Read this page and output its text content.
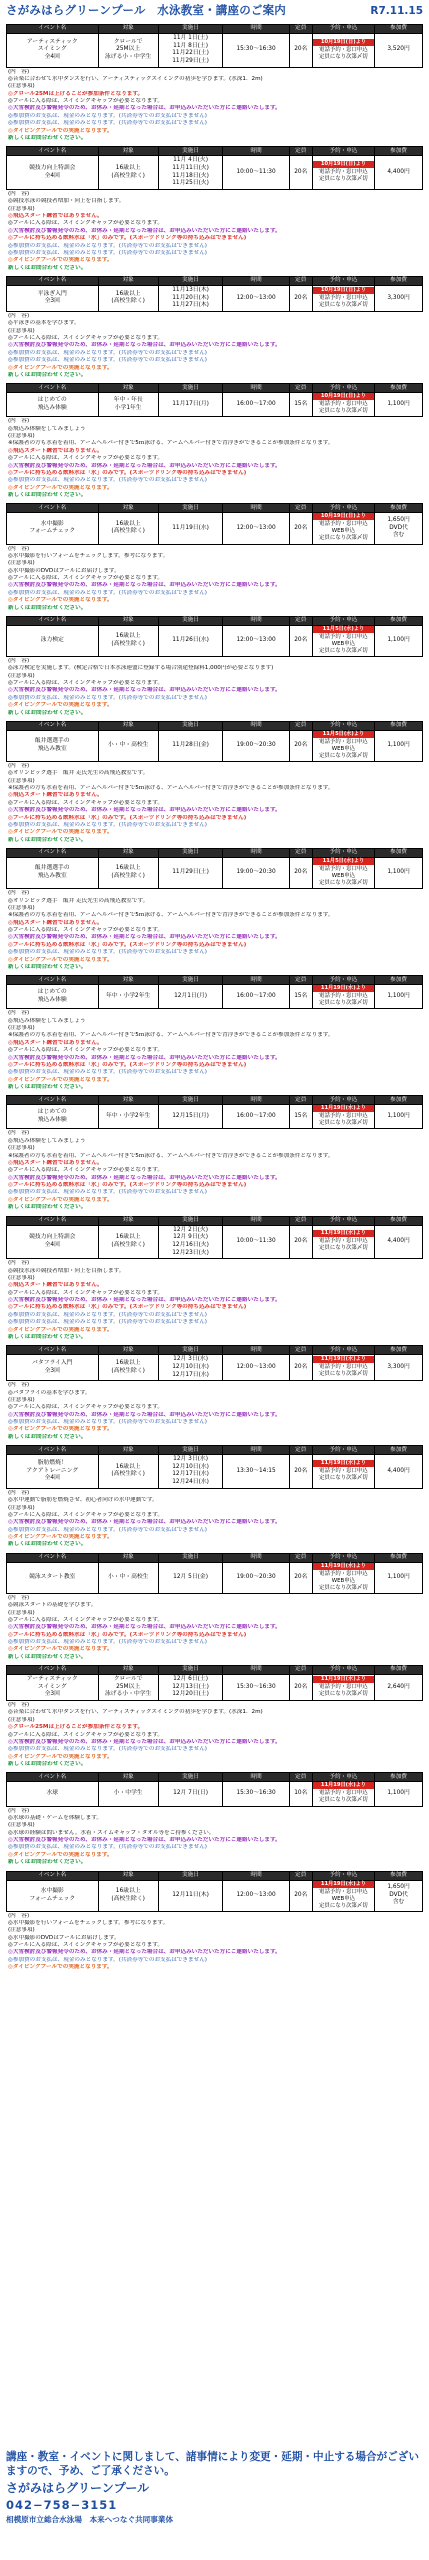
さがみはらグリーンプール　水泳教室・講座のご案内	R7.11.15
イベント名	対象	実施日	時間	定員	予約・申込	参加費
アーティスティック
スイミング
全4回	クロールで
25M以上
泳げる小・中学生	11月 1日(土)
11月 8日(土)
11月22日(土)
11月29日(土)	15:30〜16:30	20名	10月19日(日)より
電話予約・窓口申込
定員になり次第〆切	3,520円
(内　容)
◎音楽に合わせて水中ダンスを行い、アーティスティックスイミングの初歩を学びます。(水深1．2m)
(注意事項)
◎クロール25Mは上げることが参加条件となります。
◎プールに入る際は、スイミングキャップが必要となります。
◎大雪検討及び警報発令のため、お休み・延期となった場合は、お申込みいただいた方にご連絡いたします。
◎参加費のお支払は、現金のみとなります。(共済券等でのお支払はできません)
◎参加費のお支払は、現金のみとなります。(共済券等でのお支払はできません)
◎ダイビングプールでの実施となります。
新しくはお問合わせください。
イベント名	対象	実施日	時間	定員	予約・申込	参加費
競技力向上特訓会
全4回	16歳以上
(高校生除く)	11月 4日(火)
11月11日(火)
11月18日(火)
11月25日(火)	10:00〜11:30	20名	10月19日(日)より
電話予約・窓口申込
定員になり次第〆切	4,400円
(内　容)
◎競技水泳の競技者増加・向上を目指します。
(注意事項)
◎飛込スタート練習ではありません。
◎プールに入る際は、スイミングキャップが必要となります。
◎大雪検討及び警報発令のため、お休み・延期となった場合は、お申込みいただいた方にご連絡いたします。
◎プールに持ち込める飲料水は「水」のみです。(スポーツドリンク等の持ち込みはできません)
◎参加費のお支払は、現金のみとなります。(共済券等でのお支払はできません)
◎参加費のお支払は、現金のみとなります。(共済券等でのお支払はできません)
◎ダイビングプールでの実施となります。
新しくはお問合わせください。
イベント名	対象	実施日	時間	定員	予約・申込	参加費
平泳ぎ入門
全3回	16歳以上
(高校生除く)	11月13日(木)
11月20日(木)
11月27日(木)	12:00〜13:00	20名	10月19日(日)より
電話予約・窓口申込
定員になり次第〆切	3,300円
(内　容)
◎平泳ぎの基本を学びます。
(注意事項)
◎プールに入る際は、スイミングキャップが必要となります。
◎大雪検討及び警報発令のため、お休み・延期となった場合は、お申込みいただいた方にご連絡いたします。
◎参加費のお支払は、現金のみとなります。(共済券等でのお支払はできません)
◎参加費のお支払は、現金のみとなります。(共済券等でのお支払はできません)
◎ダイビングプールでの実施となります。
新しくはお問合わせください。
イベント名	対象	実施日	時間	定員	予約・申込	参加費
はじめての
飛込み体験	年中・年長
小学1年生	11月17日(月)	16:00〜17:00	15名	10月19日(日)より
電話予約・窓口申込
定員になり次第〆切	1,100円
(内　容)
◎飛込み体験をしてみましょう
(注意事項)
※保護者の方も水着を着用、アームヘルパー付きで5ｍ泳げる、アームヘルパー付きで背浮きができることが参加条件となります。
◎飛込スタート練習ではありません。
◎プールに入る際は、スイミングキャップが必要となります。
◎大雪検討及び警報発令のため、お休み・延期となった場合は、お申込みいただいた方にご連絡いたします。
◎プールに持ち込める飲料水は「水」のみです。(スポーツドリンク等の持ち込みはできません)
◎参加費のお支払は、現金のみとなります。(共済券等でのお支払はできません)
◎ダイビングプールでの実施となります。
新しくはお問合わせください。
イベント名	対象	実施日	時間	定員	予約・申込	参加費
水中撮影
フォームチェック	16歳以上
(高校生除く)	11月19日(水)	12:00〜13:00	20名	10月19日(日)より
電話予約・窓口申込
WEB申込
定員になり次第〆切	1,650円
DVD代
含む
(内　容)
◎水中撮影を行いフォームをチェックします。参考になります。
(注意事項)
◎水中撮影のDVDはプールにお届けします。
◎プールに入る際は、スイミングキャップが必要となります。
◎大雪検討及び警報発令のため、お休み・延期となった場合は、お申込みいただいた方にご連絡いたします。
◎参加費のお支払は、現金のみとなります。(共済券等でのお支払はできません)
◎ダイビングプールでの実施となります。
新しくはお問合わせください。
イベント名	対象	実施日	時間	定員	予約・申込	参加費
泳力検定	16歳以上
(高校生除く)	11月26日(水)	12:00〜13:00	20名	11月5日(水)より
電話予約・窓口申込
WEB申込
定員になり次第〆切	1,100円
(内　容)
◎泳力検定を実施します。(検定合格で日本水泳連盟に登録する場合別途登録料1,000円が必要となります)
(注意事項)
◎プールに入る際は、スイミングキャップが必要となります。
◎大雪検討及び警報発令のため、お休み・延期となった場合は、お申込みいただいた方にご連絡いたします。
◎参加費のお支払は、現金のみとなります。(共済券等でのお支払はできません)
◎ダイビングプールでの実施となります。
新しくはお問合わせください。
イベント名	対象	実施日	時間	定員	予約・申込	参加費
飯井選選手の
飛込み教室	小・中・高校生	11月28日(金)	19:00〜20:30	20名	11月5日(水)より
電話予約・窓口申込
WEB申込
定員になり次第〆切	1,100円
(内　容)
◎オリンピック選手　飯井 走氏先生の高飛込教室です。
(注意事項)
※保護者の方も水着を着用、アームヘルパー付きで5ｍ泳げる、アームヘルパー付きで背浮きができることが参加条件となります。
◎飛込スタート練習ではありません。
◎プールに入る際は、スイミングキャップが必要となります。
◎大雪検討及び警報発令のため、お休み・延期となった場合は、お申込みいただいた方にご連絡いたします。
◎プールに持ち込める飲料水は「水」のみです。(スポーツドリンク等の持ち込みはできません)
◎参加費のお支払は、現金のみとなります。(共済券等でのお支払はできません)
◎ダイビングプールでの実施となります。
新しくはお問合わせください。
イベント名	対象	実施日	時間	定員	予約・申込	参加費
飯井選選手の
飛込み教室	16歳以上
(高校生除く)	11月29日(土)	19:00〜20:30	20名	11月5日(水)より
電話予約・窓口申込
WEB申込
定員になり次第〆切	1,100円
(内　容)
◎オリンピック選手　飯井 走氏先生の高飛込教室です。
(注意事項)
※保護者の方も水着を着用、アームヘルパー付きで5ｍ泳げる、アームヘルパー付きで背浮きができることが参加条件となります。
◎飛込スタート練習ではありません。
◎プールに入る際は、スイミングキャップが必要となります。
◎大雪検討及び警報発令のため、お休み・延期となった場合は、お申込みいただいた方にご連絡いたします。
◎プールに持ち込める飲料水は「水」のみです。(スポーツドリンク等の持ち込みはできません)
◎参加費のお支払は、現金のみとなります。(共済券等でのお支払はできません)
◎ダイビングプールでの実施となります。
新しくはお問合わせください。
イベント名	対象	実施日	時間	定員	予約・申込	参加費
はじめての
飛込み体験	年中・小学2年生	12月1日(月)	16:00〜17:00	15名	11月19日(水)より
電話予約・窓口申込
定員になり次第〆切	1,100円
(内　容)
◎飛込み体験をしてみましょう
(注意事項)
※保護者の方も水着を着用、アームヘルパー付きで5ｍ泳げる、アームヘルパー付きで背浮きができることが参加条件となります。
◎飛込スタート練習ではありません。
◎プールに入る際は、スイミングキャップが必要となります。
◎大雪検討及び警報発令のため、お休み・延期となった場合は、お申込みいただいた方にご連絡いたします。
◎プールに持ち込める飲料水は「水」のみです。(スポーツドリンク等の持ち込みはできません)
◎参加費のお支払は、現金のみとなります。(共済券等でのお支払はできません)
◎ダイビングプールでの実施となります。
新しくはお問合わせください。
イベント名	対象	実施日	時間	定員	予約・申込	参加費
はじめての
飛込み体験	年中・小学2年生	12月15日(月)	16:00〜17:00	15名	11月19日(水)より
電話予約・窓口申込
定員になり次第〆切	1,100円
(内　容)
◎飛込み体験をしてみましょう
(注意事項)
※保護者の方も水着を着用、アームヘルパー付きで5ｍ泳げる、アームヘルパー付きで背浮きができることが参加条件となります。
◎飛込スタート練習ではありません。
◎プールに入る際は、スイミングキャップが必要となります。
◎大雪検討及び警報発令のため、お休み・延期となった場合は、お申込みいただいた方にご連絡いたします。
◎プールに持ち込める飲料水は「水」のみです。(スポーツドリンク等の持ち込みはできません)
◎参加費のお支払は、現金のみとなります。(共済券等でのお支払はできません)
◎ダイビングプールでの実施となります。
新しくはお問合わせください。
イベント名	対象	実施日	時間	定員	予約・申込	参加費
競技力向上特訓会
全4回	16歳以上
(高校生除く)	12月 2日(火)
12月 9日(火)
12月16日(火)
12月23日(火)	10:00〜11:30	20名	11月19日(水)より
電話予約・窓口申込
定員になり次第〆切	4,400円
(内　容)
◎競技水泳の競技者増加・向上を目指します。
(注意事項)
◎飛込スタート練習ではありません。
◎プールに入る際は、スイミングキャップが必要となります。
◎大雪検討及び警報発令のため、お休み・延期となった場合は、お申込みいただいた方にご連絡いたします。
◎プールに持ち込める飲料水は「水」のみです。(スポーツドリンク等の持ち込みはできません)
◎参加費のお支払は、現金のみとなります。(共済券等でのお支払はできません)
◎参加費のお支払は、現金のみとなります。(共済券等でのお支払はできません)
◎ダイビングプールでの実施となります。
新しくはお問合わせください。
イベント名	対象	実施日	時間	定員	予約・申込	参加費
バタフライ入門
全3回	16歳以上
(高校生除く)	12月 3日(水)
12月10日(水)
12月17日(水)	12:00〜13:00	20名	11月19日(水)より
電話予約・窓口申込
定員になり次第〆切	3,300円
(内　容)
◎バタフライの基本を学びます。
(注意事項)
◎プールに入る際は、スイミングキャップが必要となります。
◎大雪検討及び警報発令のため、お休み・延期となった場合は、お申込みいただいた方にご連絡いたします。
◎参加費のお支払は、現金のみとなります。(共済券等でのお支払はできません)
◎ダイビングプールでの実施となります。
新しくはお問合わせください。
イベント名	対象	実施日	時間	定員	予約・申込	参加費
脂肪燃焼！
アクアトレーニング
全4回	16歳以上
(高校生除く)	12月 3日(水)
12月10日(水)
12月17日(水)
12月24日(水)	13:30〜14:15	20名	11月19日(水)より
電話予約・窓口申込
定員になり次第〆切	4,400円
(内　容)
◎水中運動で脂肪を燃焼させ、初心者向けの水中運動です。
(注意事項)
◎プールに入る際は、スイミングキャップが必要となります。
◎大雪検討及び警報発令のため、お休み・延期となった場合は、お申込みいただいた方にご連絡いたします。
◎参加費のお支払は、現金のみとなります。(共済券等でのお支払はできません)
◎ダイビングプールでの実施となります。
新しくはお問合わせください。
イベント名	対象	実施日	時間	定員	予約・申込	参加費
競泳スタート教室	小・中・高校生	12月 5日(金)	19:00〜20:30	20名	11月19日(水)より
電話予約・窓口申込
WEB申込
定員になり次第〆切	1,100円
(内　容)
◎競泳スタートの基礎を学びます。
(注意事項)
◎プールに入る際は、スイミングキャップが必要となります。
◎大雪検討及び警報発令のため、お休み・延期となった場合は、お申込みいただいた方にご連絡いたします。
◎プールに持ち込める飲料水は「水」のみです。(スポーツドリンク等の持ち込みはできません)
◎参加費のお支払は、現金のみとなります。(共済券等でのお支払はできません)
◎ダイビングプールでの実施となります。
新しくはお問合わせください。
イベント名	対象	実施日	時間	定員	予約・申込	参加費
アーティスティック
スイミング
全3回	クロールで
25M以上
泳げる小・中学生	12月 6日(土)
12月13日(土)
12月20日(土)	15:30〜16:30	20名	11月19日(水)より
電話予約・窓口申込
定員になり次第〆切	2,640円
(内　容)
◎音楽に合わせて水中ダンスを行い、アーティスティックスイミングの初歩を学びます。(水深1．2m)
(注意事項)
◎クロール25Mは上げることが参加条件となります。
◎プールに入る際は、スイミングキャップが必要となります。
◎大雪検討及び警報発令のため、お休み・延期となった場合は、お申込みいただいた方にご連絡いたします。
◎参加費のお支払は、現金のみとなります。(共済券等でのお支払はできません)
◎ダイビングプールでの実施となります。
新しくはお問合わせください。
イベント名	対象	実施日	時間	定員	予約・申込	参加費
水球	小・中学生	12月 7日(日)	15:30〜16:30	10名	11月19日(水)より
電話予約・窓口申込
定員になり次第〆切	1,100円
(内　容)
◎水球の基礎・ゲームを体験します。
(注意事項)
◎水球の経験は問いません。水着・スイムキャップ・タオル等をご持参ください。
◎大雪検討及び警報発令のため、お休み・延期となった場合は、お申込みいただいた方にご連絡いたします。
◎参加費のお支払は、現金のみとなります。(共済券等でのお支払はできません)
◎ダイビングプールでの実施となります。
新しくはお問合わせください。
イベント名	対象	実施日	時間	定員	予約・申込	参加費
水中撮影
フォームチェック	16歳以上
(高校生除く)	12月11日(木)	12:00〜13:00	20名	11月19日(水)より
電話予約・窓口申込
WEB申込
定員になり次第〆切	1,650円
DVD代
含む
(内　容)
◎水中撮影を行いフォームをチェックします。参考になります。
(注意事項)
◎水中撮影のDVDはプールにお届けします。
◎プールに入る際は、スイミングキャップが必要となります。
◎大雪検討及び警報発令のため、お休み・延期となった場合は、お申込みいただいた方にご連絡いたします。
◎参加費のお支払は、現金のみとなります。(共済券等でのお支払はできません)
◎ダイビングプールでの実施となります。
講座・教室・イベントに関しまして、諸事情により変更・延期・中止する場合がございますので、予め、ご了承ください。
さがみはらグリーンプール
042−758−3151
相模原市立総合水泳場　本来へつなぐ共同事業体
